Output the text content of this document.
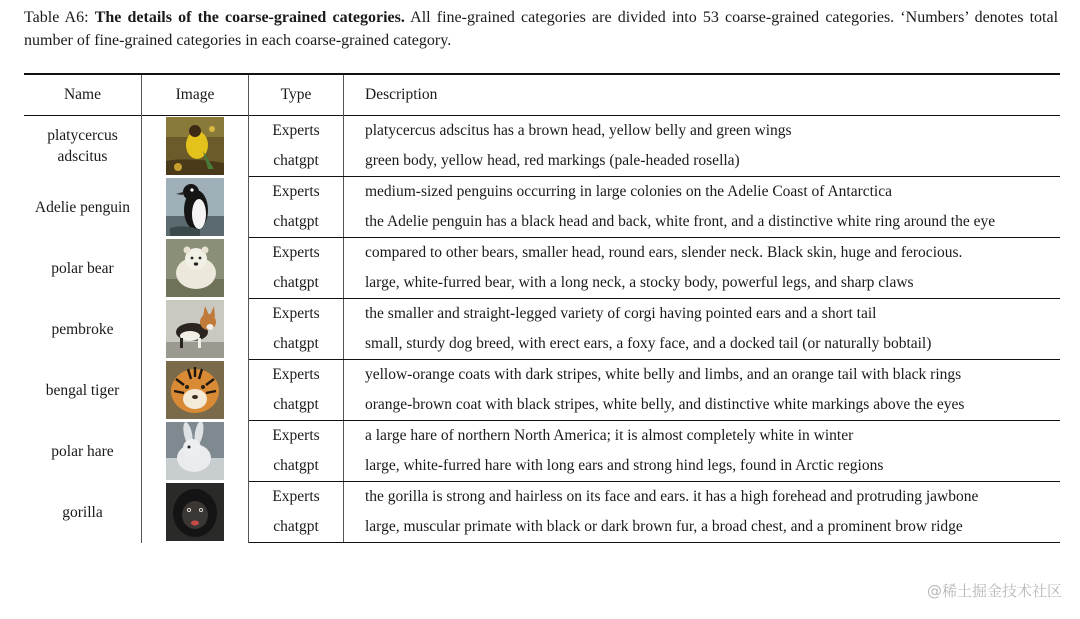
Table A6: The details of the coarse-grained categories. All fine-grained categories are divided into 53 coarse-grained categories. ‘Numbers’ denotes total number of fine-grained categories in each coarse-grained category.
Name	Image	Type	Description
platycercus adscitus		Experts	platycercus adscitus has a brown head, yellow belly and green wings
		chatgpt	green body, yellow head, red markings (pale-headed rosella)
Adelie penguin		Experts	medium-sized penguins occurring in large colonies on the Adelie Coast of Antarctica
		chatgpt	the Adelie penguin has a black head and back, white front, and a distinctive white ring around the eye
polar bear		Experts	compared to other bears, smaller head, round ears, slender neck. Black skin, huge and ferocious.
		chatgpt	large, white-furred bear, with a long neck, a stocky body, powerful legs, and sharp claws
pembroke		Experts	the smaller and straight-legged variety of corgi having pointed ears and a short tail
		chatgpt	small, sturdy dog breed, with erect ears, a foxy face, and a docked tail (or naturally bobtail)
bengal tiger		Experts	yellow-orange coats with dark stripes, white belly and limbs, and an orange tail with black rings
		chatgpt	orange-brown coat with black stripes, white belly, and distinctive white markings above the eyes
polar hare		Experts	a large hare of northern North America; it is almost completely white in winter
		chatgpt	large, white-furred hare with long ears and strong hind legs, found in Arctic regions
gorilla		Experts	the gorilla is strong and hairless on its face and ears. it has a high forehead and protruding jawbone
		chatgpt	large, muscular primate with black or dark brown fur, a broad chest, and a prominent brow ridge
@稀土掘金技术社区
